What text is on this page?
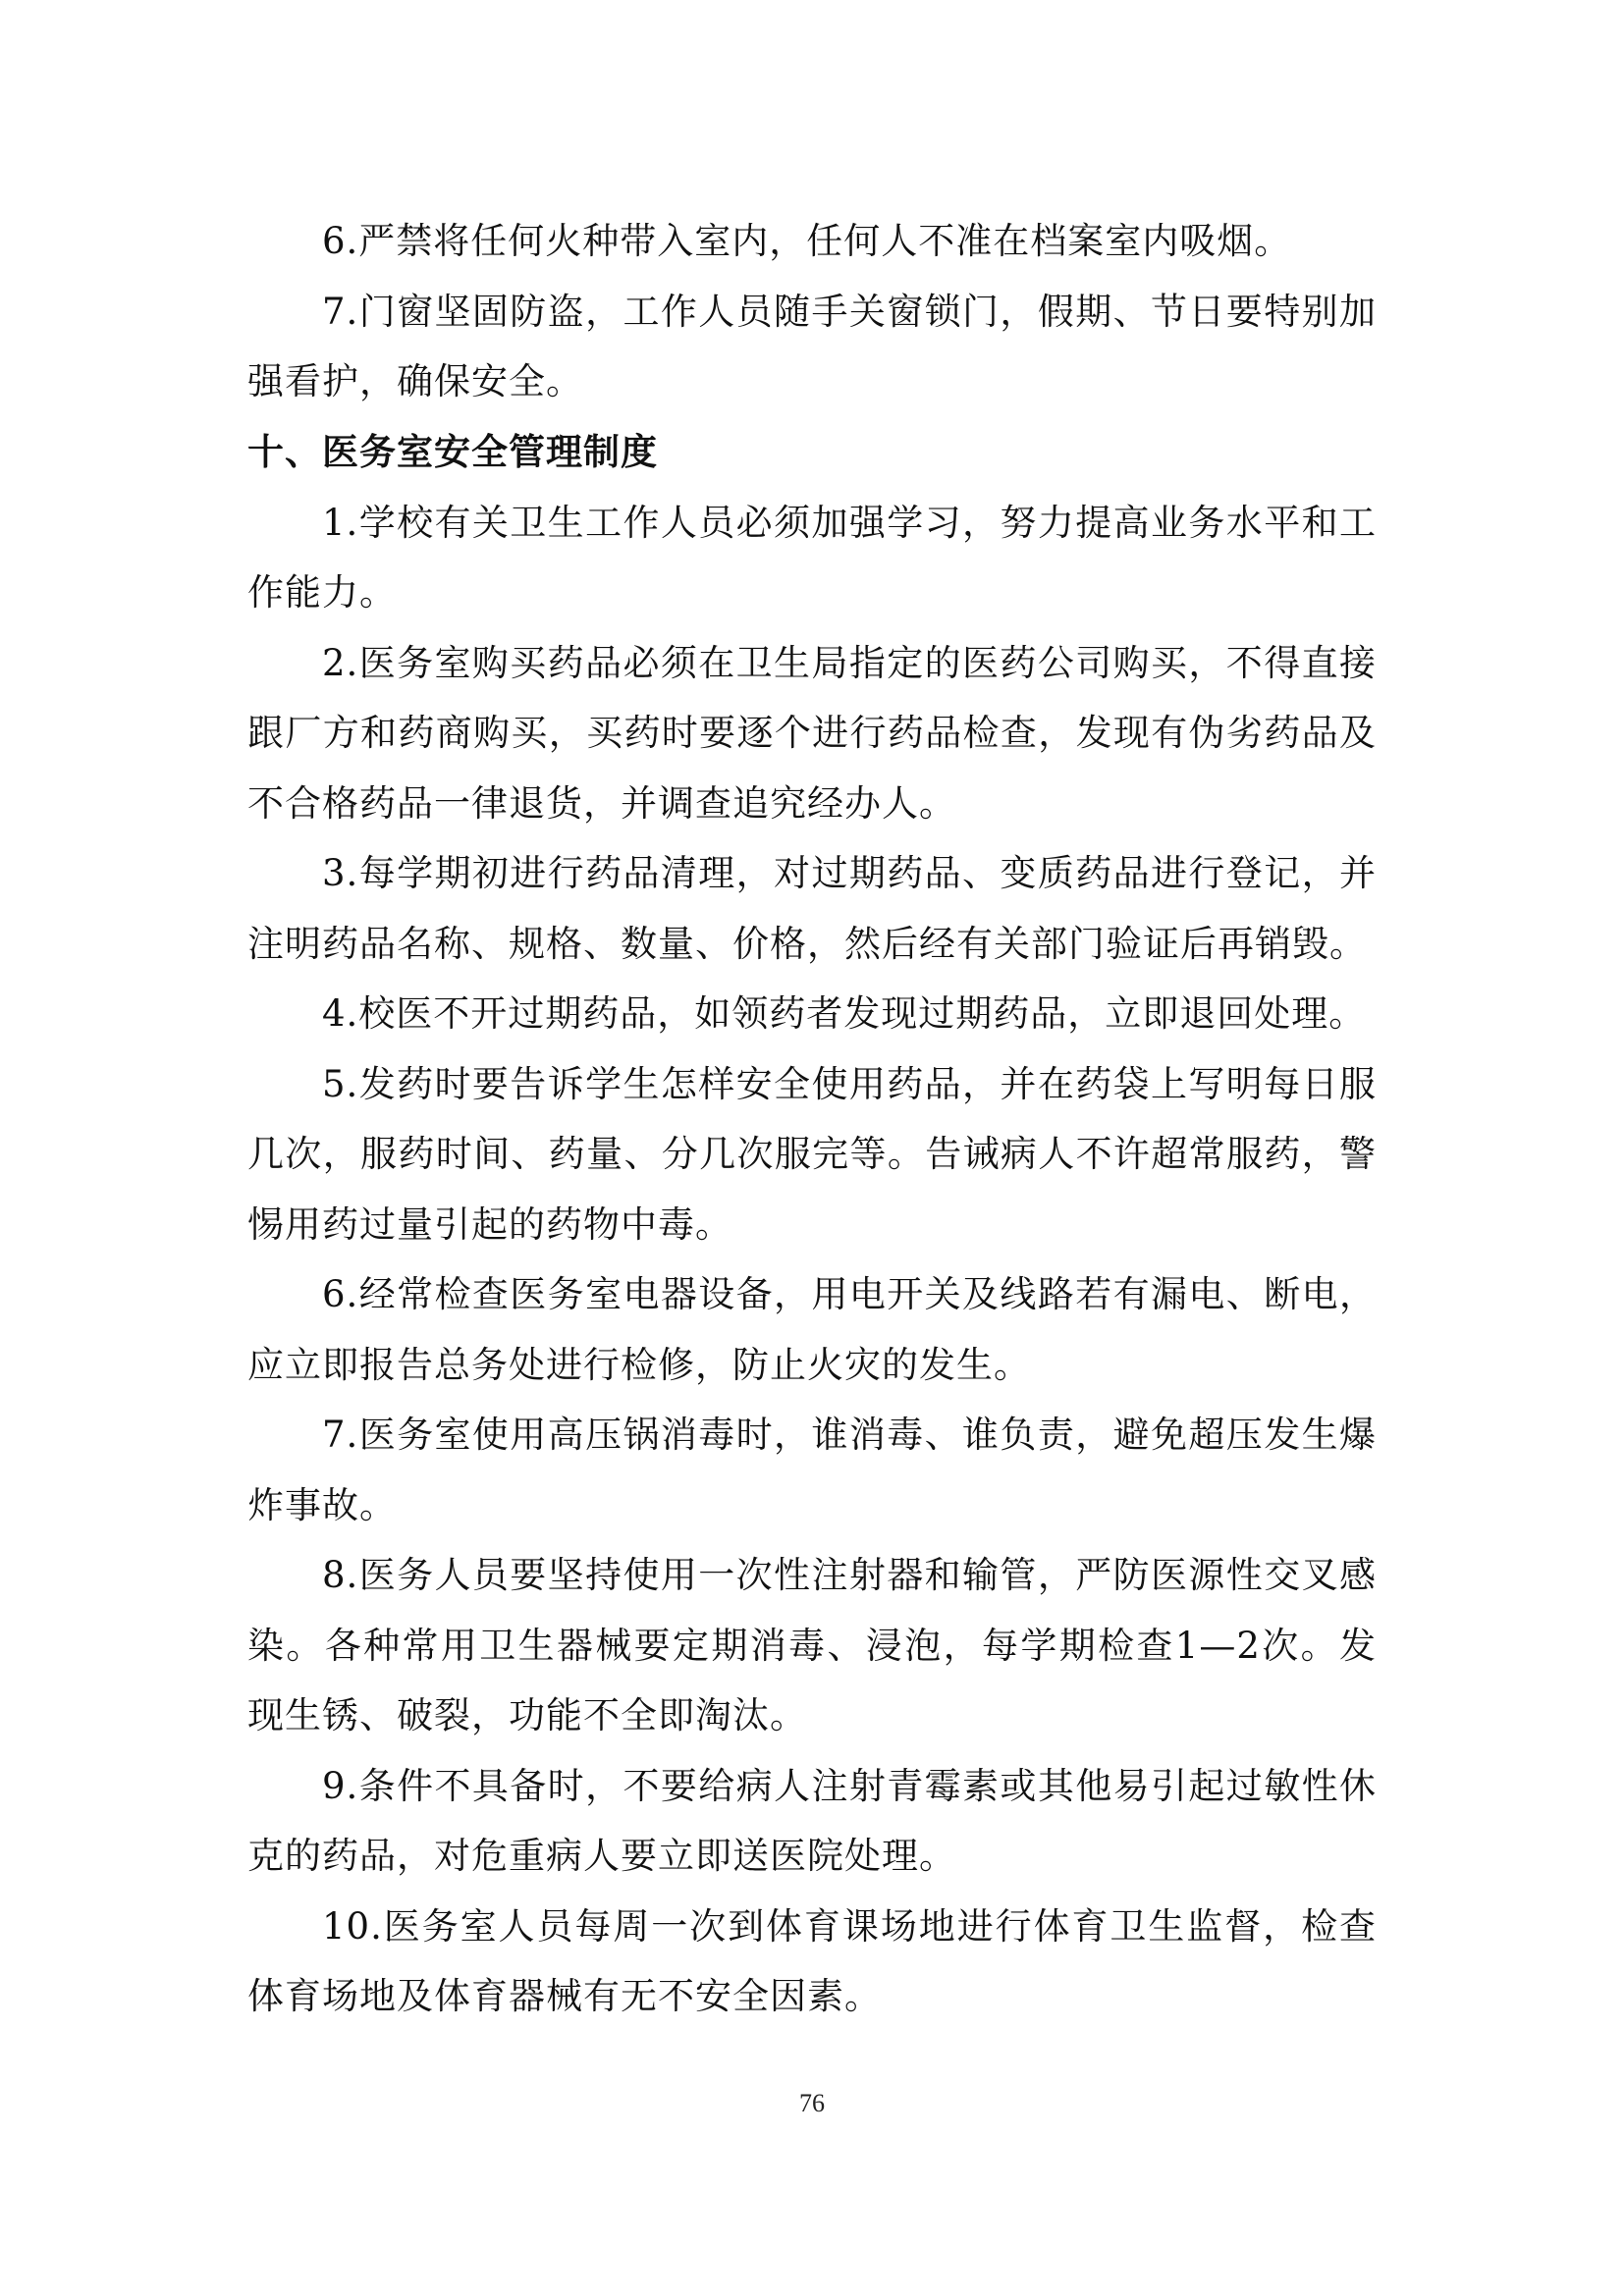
6.严禁将任何火种带入室内，任何人不准在档案室内吸烟。

7.门窗坚固防盗，工作人员随手关窗锁门，假期、节日要特别加强看护，确保安全。

十、医务室安全管理制度

1.学校有关卫生工作人员必须加强学习，努力提高业务水平和工作能力。

2.医务室购买药品必须在卫生局指定的医药公司购买，不得直接跟厂方和药商购买，买药时要逐个进行药品检查，发现有伪劣药品及不合格药品一律退货，并调查追究经办人。

3.每学期初进行药品清理，对过期药品、变质药品进行登记，并注明药品名称、规格、数量、价格，然后经有关部门验证后再销毁。

4.校医不开过期药品，如领药者发现过期药品，立即退回处理。

5.发药时要告诉学生怎样安全使用药品，并在药袋上写明每日服几次，服药时间、药量、分几次服完等。告诫病人不许超常服药，警惕用药过量引起的药物中毒。

6.经常检查医务室电器设备，用电开关及线路若有漏电、断电，应立即报告总务处进行检修，防止火灾的发生。

7.医务室使用高压锅消毒时，谁消毒、谁负责，避免超压发生爆炸事故。

8.医务人员要坚持使用一次性注射器和输管，严防医源性交叉感染。各种常用卫生器械要定期消毒、浸泡，每学期检查1—2次。发现生锈、破裂，功能不全即淘汰。

9.条件不具备时，不要给病人注射青霉素或其他易引起过敏性休克的药品，对危重病人要立即送医院处理。

10.医务室人员每周一次到体育课场地进行体育卫生监督，检查体育场地及体育器械有无不安全因素。

76
